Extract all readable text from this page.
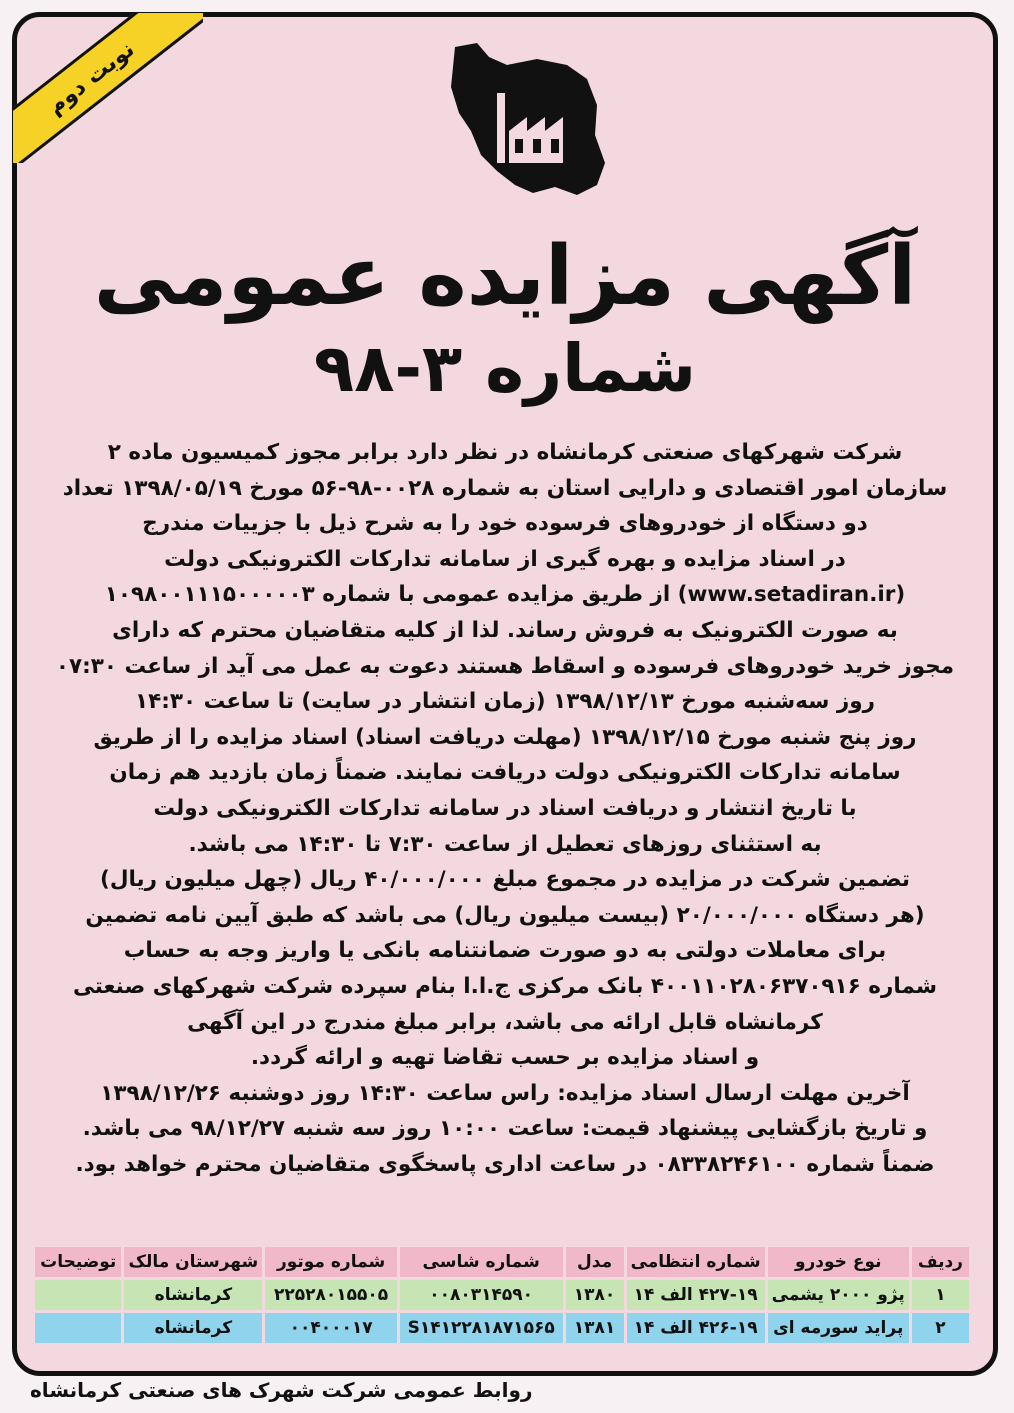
نوبت دوم
آگهی مزایده عمومی
شماره ۳-۹۸

شرکت شهرکهای صنعتی کرمانشاه در نظر دارد برابر مجوز کمیسیون ماده ۲

سازمان امور اقتصادی و دارایی استان به شماره ۰۰۲۸-۹۸-۵۶ مورخ ۱۳۹۸/۰۵/۱۹ تعداد

دو دستگاه از خودروهای فرسوده خود را به شرح ذیل با جزییات مندرج

در اسناد مزایده و بهره گیری از سامانه تدارکات الکترونیکی دولت

(www.setadiran.ir) از طریق مزایده عمومی با شماره ۱۰۹۸۰۰۱۱۱۵۰۰۰۰۰۳

به صورت الکترونیک به فروش رساند. لذا از کلیه متقاضیان محترم که دارای

مجوز خرید خودروهای فرسوده و اسقاط هستند دعوت به عمل می آید از ساعت ۰۷:۳۰

روز سه‌شنبه مورخ ۱۳۹۸/۱۲/۱۳ (زمان انتشار در سایت) تا ساعت ۱۴:۳۰

روز پنج شنبه مورخ ۱۳۹۸/۱۲/۱۵ (مهلت دریافت اسناد) اسناد مزایده را از طریق

سامانه تدارکات الکترونیکی دولت دریافت نمایند. ضمناً زمان بازدید هم زمان

با تاریخ انتشار و دریافت اسناد در سامانه تدارکات الکترونیکی دولت

به استثنای روزهای تعطیل از ساعت ۷:۳۰ تا ۱۴:۳۰ می باشد.

تضمین شرکت در مزایده در مجموع مبلغ ۴۰/۰۰۰/۰۰۰ ریال (چهل میلیون ریال)

(هر دستگاه ۲۰/۰۰۰/۰۰۰ (بیست میلیون ریال) می باشد که طبق آیین نامه تضمین

برای معاملات دولتی به دو صورت ضمانتنامه بانکی یا واریز وجه به حساب

شماره ۴۰۰۱۱۰۲۸۰۶۳۷۰۹۱۶ بانک مرکزی ج.ا.ا بنام سپرده شرکت شهرکهای صنعتی

کرمانشاه قابل ارائه می باشد، برابر مبلغ مندرج در این آگهی

و اسناد مزایده بر حسب تقاضا تهیه و ارائه گردد.

آخرین مهلت ارسال اسناد مزایده: راس ساعت ۱۴:۳۰ روز دوشنبه ۱۳۹۸/۱۲/۲۶

و تاریخ بازگشایی پیشنهاد قیمت: ساعت ۱۰:۰۰ روز سه شنبه ۹۸/۱۲/۲۷ می باشد.

ضمناً شماره ۰۸۳۳۸۲۴۶۱۰۰ در ساعت اداری پاسخگوی متقاضیان محترم خواهد بود.

ردیف	نوع خودرو	شماره انتظامی	مدل	شماره شاسی	شماره موتور	شهرستان مالک	توضیحات
۱	پژو ۲۰۰۰ یشمی	۴۲۷-۱۹ الف ۱۴	۱۳۸۰	۰۰۸۰۳۱۴۵۹۰	۲۲۵۲۸۰۱۵۵۰۵	کرمانشاه	
۲	پراید سورمه ای	۴۲۶-۱۹ الف ۱۴	۱۳۸۱	S۱۴۱۲۲۸۱۸۷۱۵۶۵	۰۰۴۰۰۰۱۷	کرمانشاه	
روابط عمومی شرکت شهرک های صنعتی کرمانشاه
